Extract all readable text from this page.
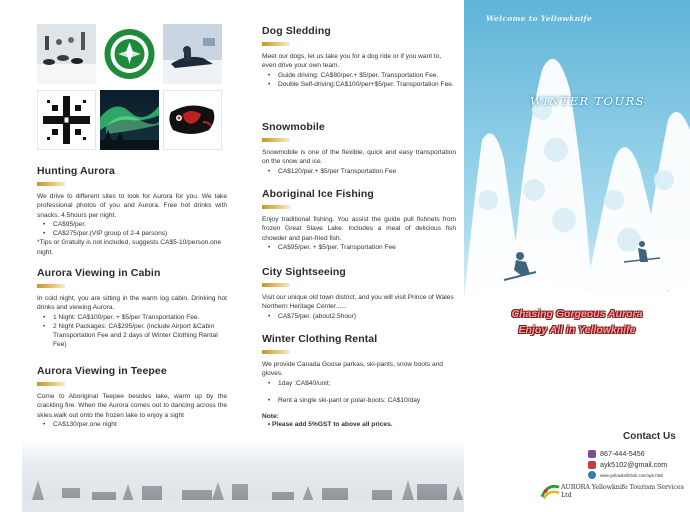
Hunting Aurora

We drive to different sites to look for Aurora for you. We take professional photos of you and Aurora. Free hot drinks with snacks. 4.5hours per night.

• CA$95/per.
• CA$275/per.(VIP group of 2-4 persons)

*Tips or Gratuity is not included, suggests CA$5-10/person.one night.

Aurora Viewing in Cabin

In cold night, you are sitting in the warm log cabin. Drinking hot drinks and viewing Aurora.

• 1 Night: CA$100/per. + $5/per Transportation Fee.
• 2 Night Packages: CA$295/per. (include Airport &Cabin Transportation Fee and 2 days of Winter Clothing Rental Fee)
Aurora Viewing in Teepee

Come to Aboriginal Teepee besides lake, warm up by the crackling fire. When the Aurora comes out to dancing across the skies,walk out onto the frozen lake to enjoy a sight

• CA$130/per.one night
Dog Sledding

Meet our dogs, let us take you for a dog ride or if you want to, even drive your own team.

• Guide driving: CA$80/per.+ $5/per. Transportation Fee.
• Double Self-driving:CA$100/per+$5/per. Transportation Fee.
Snowmobile

Snowmobile is one of the flexible, quick and easy transportation on the snow and ice.

• CA$120/per.+ $5/per Transportation Fee
Aboriginal Ice Fishing

Enjoy traditional fishing. You assist the guide pull fishnets from frozen Great Slave Lake. Includes a meal of delicious fish chowder and pan-fried fish.

• CA$95/per. + $5/per. Transportation Fee
City Sightseeing

Visit our unique old town district, and you will visit Prince of Wales Northern Heritage Center......

• CA$75/per. (about2.5hour)
Winter Clothing Rental

We provide Canada Goose parkas, ski-pants, snow boots and gloves.

• 1day :CA$40/unit;
• Rent a single ski-pant or polar-boots: CA$10/day
Note:
• Please add 5%GST to above all prices.
Welcome to Yellowknife
WINTER TOURS
Chasing Gorgeous Aurora
Enjoy All in Yellowknife
Contact Us
867-444-5456
ayk5102@gmail.com
www.yellowknifebnb.com/ayk.html
AURORA Yellowknife Tourism Services Ltd
